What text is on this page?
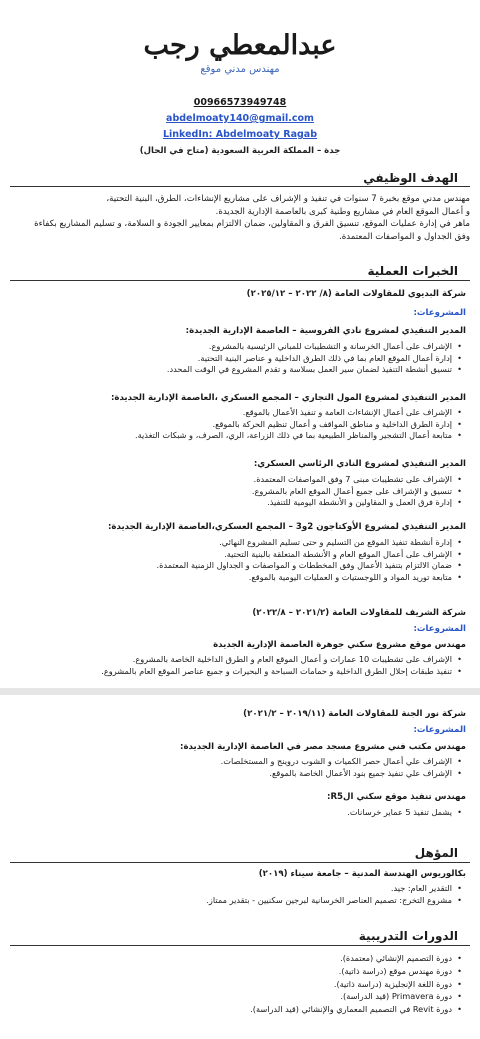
عبدالمعطي رجب
مهندس مدني موقع
00966573949748
abdelmoaty140@gmail.com
LinkedIn: Abdelmoaty Ragab
جدة – المملكة العربية السعودية (متاح في الحال)
الهدف الوظيفي
مهندس مدني موقع بخبرة 7 سنوات في تنفيذ و الإشراف على مشاريع الإنشاءات، الطرق، البنية التحتية،
و أعمال الموقع العام في مشاريع وطنية كبرى بالعاصمة الإدارية الجديدة.
ماهر في إدارة عمليات الموقع، تنسيق الفرق و المقاولين، ضمان الالتزام بمعايير الجودة و السلامة، و تسليم المشاريع بكفاءة
وفق الجداول و المواصفات المعتمدة.
الخبرات العملية
شركة البديوي للمقاولات العامة (٨/ ٢٠٢٢ – ٢٠٢٥/١٢)
المشروعات:
المدير التنفيذي لمشروع نادي الفروسية – العاصمة الإدارية الجديدة:
• الإشراف على أعمال الخرسانة و التشطيبات للمباني الرئيسية بالمشروع.
• إدارة أعمال الموقع العام بما في ذلك الطرق الداخلية و عناصر البنية التحتية.
• تنسيق أنشطة التنفيذ لضمان سير العمل بسلاسة و تقدم المشروع في الوقت المحدد.
المدير التنفيذي لمشروع المول التجاري – المجمع العسكري ،العاصمة الإدارية الجديدة:
• الإشراف على أعمال الإنشاءات العامة و تنفيذ الأعمال بالموقع.
• إدارة الطرق الداخلية و مناطق المواقف و أعمال تنظيم الحركة بالموقع.
• متابعة أعمال التشجير والمناظر الطبيعية بما في ذلك الزراعة، الري، الصرف، و شبكات التغذية.
المدير التنفيذي لمشروع النادي الرئاسي العسكري:
• الإشراف على تشطيبات مبنى 7 وفق المواصفات المعتمدة.
• تنسيق و الإشراف على جميع أعمال الموقع العام بالمشروع.
• إدارة فرق العمل و المقاولين و الأنشطة اليومية للتنفيذ.
المدير التنفيذي لمشروع الأوكتاجون 2و3 – المجمع العسكري،العاصمة الإدارية الجديدة:
• إدارة أنشطة تنفيذ الموقع من التسليم و حتى تسليم المشروع النهائي.
• الإشراف على أعمال الموقع العام و الأنشطة المتعلقة بالبنية التحتية.
• ضمان الالتزام بتنفيذ الأعمال وفق المخططات و المواصفات و الجداول الزمنية المعتمدة.
• متابعة توريد المواد و اللوجستيات و العمليات اليومية بالموقع.
شركة الشريف للمقاولات العامة (٢٠٢١/٢ – ٢٠٢٢/٨)
المشروعات:
مهندس موقع مشروع سكني جوهرة العاصمة الإدارية الجديدة
• الإشراف على تشطيبات 10 عمارات و أعمال الموقع العام و الطرق الداخلية الخاصة بالمشروع.
• تنفيذ طبقات إحلال الطرق الداخلية و حمامات السباحة و البحيرات و جميع عناصر الموقع العام بالمشروع.
شركة نور الجنة للمقاولات العامة (٢٠١٩/١١ – ٢٠٢١/٢)
المشروعات:
مهندس مكتب فني مشروع مسجد مصر في العاصمة الإدارية الجديدة:
• الإشراف علي أعمال حصر الكميات و الشوب دروينج و المستخلصات.
• الإشراف علي تنفيذ جميع بنود الأعمال الخاصة بالموقع.
مهندس تنفيذ موقع سكني الR5:
• يشمل تنفيذ 5 عماير خرسانات.
المؤهل
بكالوريوس الهندسة المدنية – جامعة سيناء (٢٠١٩)
• التقدير العام: جيد.
• مشروع التخرج: تصميم العناصر الخرسانية لبرجين سكنيين - بتقدير ممتاز.
الدورات التدريبية
• دورة التصميم الإنشائي (معتمدة).
• دورة مهندس موقع (دراسة ذاتية).
• دورة اللغة الإنجليزية (دراسة ذاتية).
• دورة Primavera (قيد الدراسة).
• دورة Revit في التصميم المعماري والإنشائي (قيد الدراسة).
